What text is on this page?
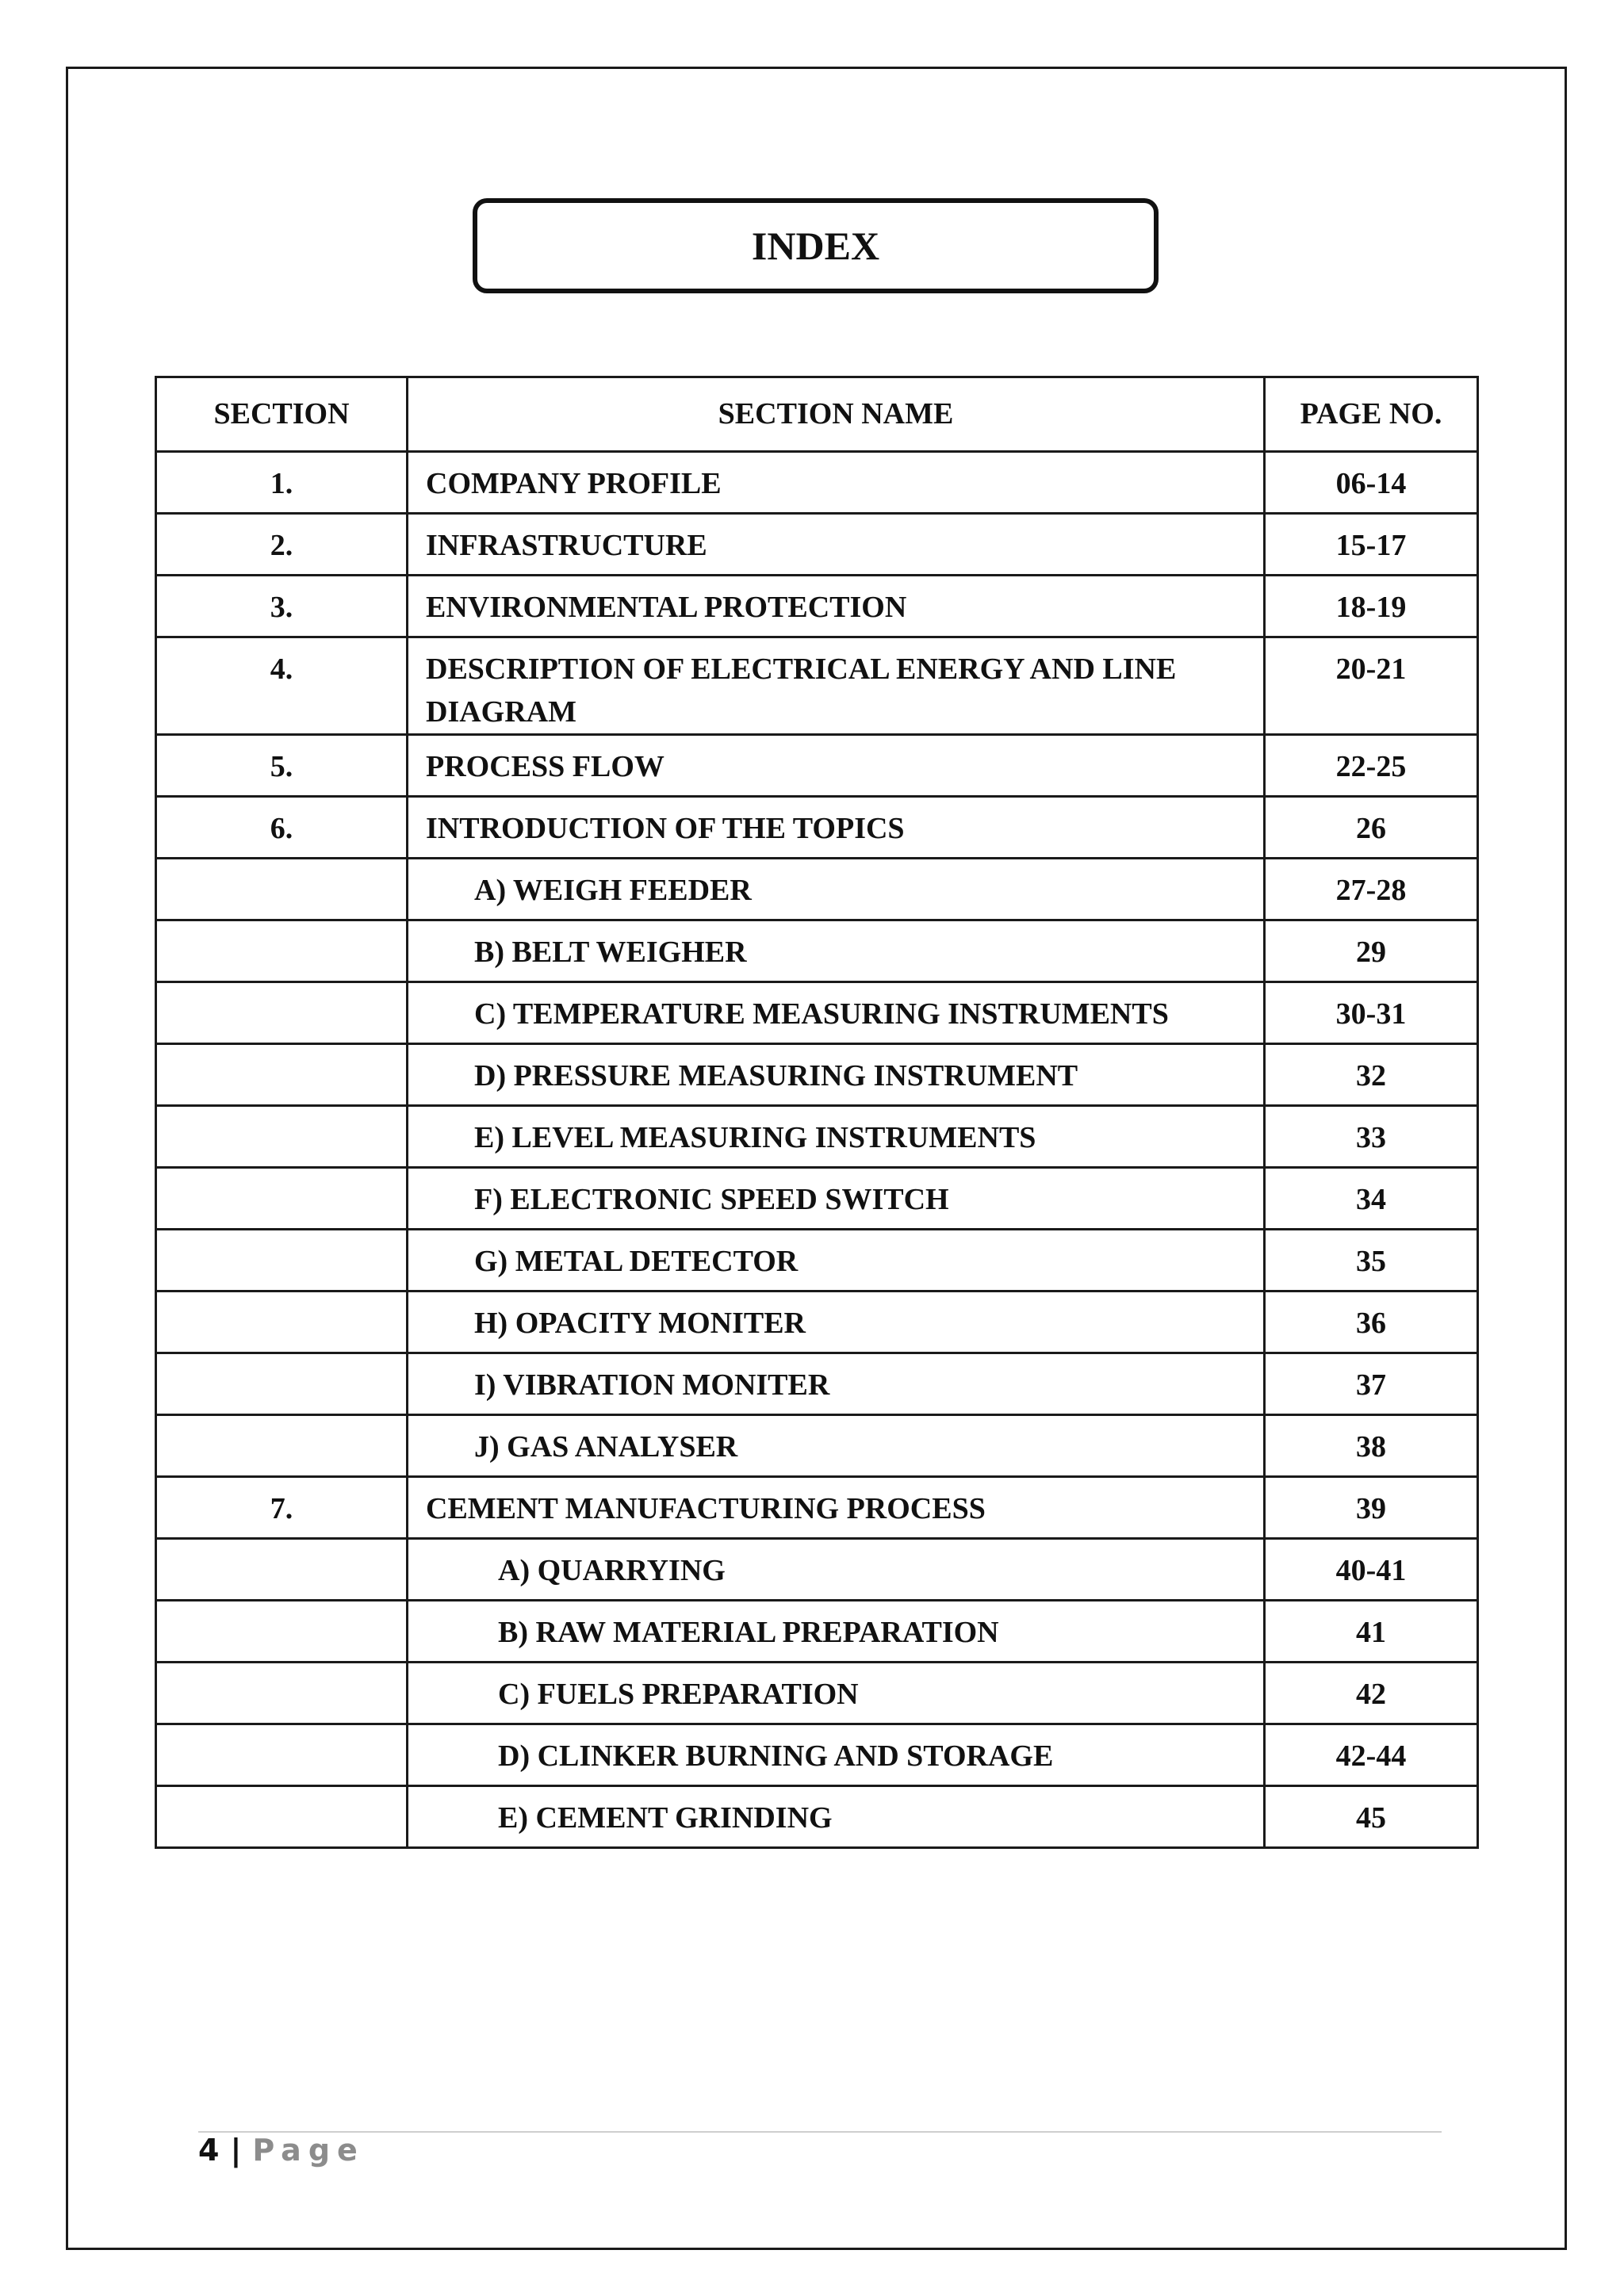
INDEX
SECTION	SECTION NAME	PAGE NO.
1.	COMPANY PROFILE	06-14
2.	INFRASTRUCTURE	15-17
3.	ENVIRONMENTAL PROTECTION	18-19
4.	DESCRIPTION OF ELECTRICAL ENERGY AND LINE DIAGRAM	20-21
5.	PROCESS FLOW	22-25
6.	INTRODUCTION OF THE TOPICS	26
	A) WEIGH FEEDER	27-28
	B) BELT WEIGHER	29
	C) TEMPERATURE MEASURING INSTRUMENTS	30-31
	D) PRESSURE MEASURING INSTRUMENT	32
	E) LEVEL MEASURING INSTRUMENTS	33
	F) ELECTRONIC SPEED SWITCH	34
	G) METAL DETECTOR	35
	H) OPACITY MONITER	36
	I) VIBRATION MONITER	37
	J) GAS ANALYSER	38
7.	CEMENT MANUFACTURING PROCESS	39
	A) QUARRYING	40-41
	B) RAW MATERIAL PREPARATION	41
	C) FUELS PREPARATION	42
	D) CLINKER BURNING AND STORAGE	42-44
	E) CEMENT GRINDING	45
4 | Page
